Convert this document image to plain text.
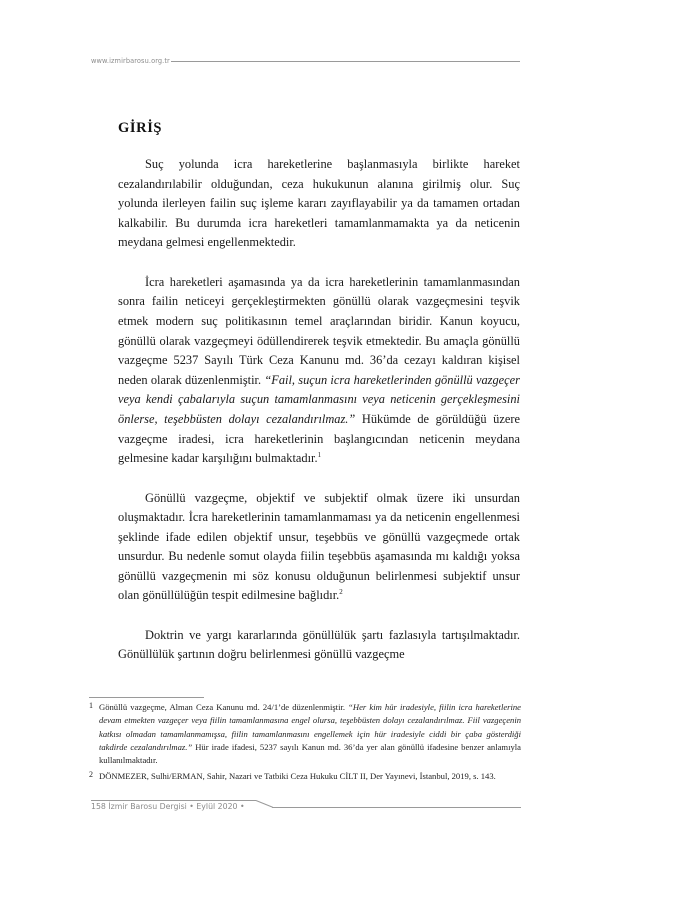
www.izmirbarosu.org.tr
GİRİŞ

Suç yolunda icra hareketlerine başlanmasıyla birlikte hareket cezalandırılabilir olduğundan, ceza hukukunun alanına girilmiş olur. Suç yolunda ilerleyen failin suç işleme kararı zayıflayabilir ya da tamamen ortadan kalkabilir. Bu durumda icra hareketleri tamamlanmamakta ya da neticenin meydana gelmesi engellenmektedir.

İcra hareketleri aşamasında ya da icra hareketlerinin tamamlanmasından sonra failin neticeyi gerçekleştirmekten gönüllü olarak vazgeçmesini teşvik etmek modern suç politikasının temel araçlarından biridir. Kanun koyucu, gönüllü olarak vazgeçmeyi ödüllendirerek teşvik etmektedir. Bu amaçla gönüllü vazgeçme 5237 Sayılı Türk Ceza Kanunu md. 36’da cezayı kaldıran kişisel neden olarak düzenlenmiştir. “Fail, suçun icra hareketlerinden gönüllü vazgeçer veya kendi çabalarıyla suçun tamamlanmasını veya neticenin gerçekleşmesini önlerse, teşebbüsten dolayı cezalandırılmaz.” Hükümde de görüldüğü üzere vazgeçme iradesi, icra hareketlerinin başlangıcından neticenin meydana gelmesine kadar karşılığını bulmaktadır.$^1$

Gönüllü vazgeçme, objektif ve subjektif olmak üzere iki unsurdan oluşmaktadır. İcra hareketlerinin tamamlanmaması ya da neticenin engellenmesi şeklinde ifade edilen objektif unsur, teşebbüs ve gönüllü vazgeçmede ortak unsurdur. Bu nedenle somut olayda fiilin teşebbüs aşamasında mı kaldığı yoksa gönüllü vazgeçmenin mi söz konusu olduğunun belirlenmesi subjektif unsur olan gönüllülüğün tespit edilmesine bağlıdır.$^2$

Doktrin ve yargı kararlarında gönüllülük şartı fazlasıyla tartışılmaktadır. Gönüllülük şartının doğru belirlenmesi gönüllü vazgeçme

1 Gönüllü vazgeçme, Alman Ceza Kanunu md. 24/1’de düzenlenmiştir. “Her kim hür iradesiyle, fiilin icra hareketlerine devam etmekten vazgeçer veya fiilin tamamlanmasına engel olursa, teşebbüsten dolayı cezalandırılmaz. Fiil vazgeçenin katkısı olmadan tamamlanmamışsa, fiilin tamamlanmasını engellemek için hür iradesiyle ciddi bir çaba gösterdiği takdirde cezalandırılmaz.” Hür irade ifadesi, 5237 sayılı Kanun md. 36’da yer alan gönüllü ifadesine benzer anlamıyla kullanılmaktadır.
2 DÖNMEZER, Sulhi/ERMAN, Sahir, Nazari ve Tatbiki Ceza Hukuku CİLT II, Der Yayınevi, İstanbul, 2019, s. 143.
158 İzmir Barosu Dergisi • Eylül 2020 •
